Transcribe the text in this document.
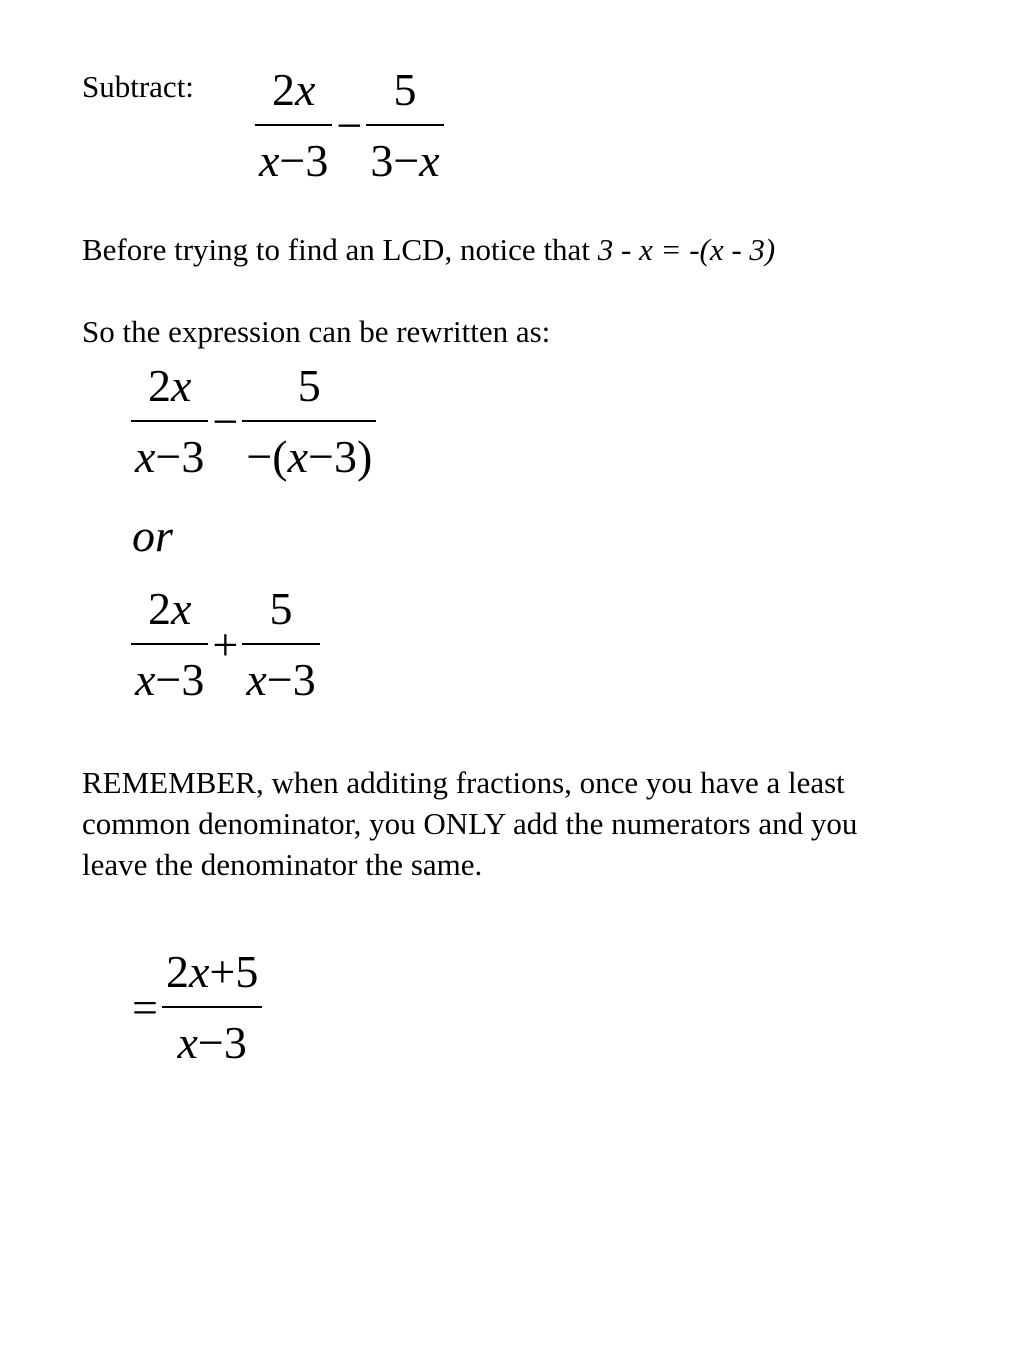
Subtract: $\frac{2x}{x-3} - \frac{5}{3-x}$
Before trying to find an LCD, notice that 3 - x = -(x - 3)
So the expression can be rewritten as:
$\frac{2x}{x-3} - \frac{5}{-(x-3)}$
or
$\frac{2x}{x-3} + \frac{5}{x-3}$
REMEMBER, when additing fractions, once you have a least
common denominator, you ONLY add the numerators and you
leave the denominator the same.
= $\frac{2x+5}{x-3}$
